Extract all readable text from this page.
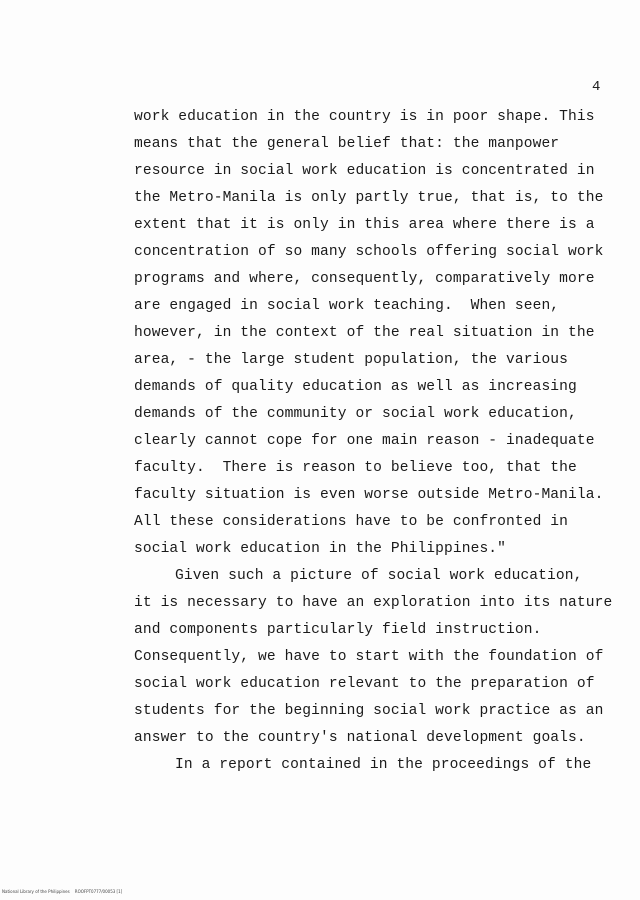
4
work education in the country is in poor shape. This
means that the general belief that: the manpower
resource in social work education is concentrated in
the Metro-Manila is only partly true, that is, to the
extent that it is only in this area where there is a
concentration of so many schools offering social work
programs and where, consequently, comparatively more
are engaged in social work teaching.  When seen,
however, in the context of the real situation in the
area, - the large student population, the various
demands of quality education as well as increasing
demands of the community or social work education,
clearly cannot cope for one main reason - inadequate
faculty.  There is reason to believe too, that the
faculty situation is even worse outside Metro-Manila.
All these considerations have to be confronted in
social work education in the Philippines."
Given such a picture of social work education,
it is necessary to have an exploration into its nature
and components particularly field instruction.
Consequently, we have to start with the foundation of
social work education relevant to the preparation of
students for the beginning social work practice as an
answer to the country's national development goals.
In a report contained in the proceedings of the
National Library of the Philippines    ROOFPT0777/00053 [1]
